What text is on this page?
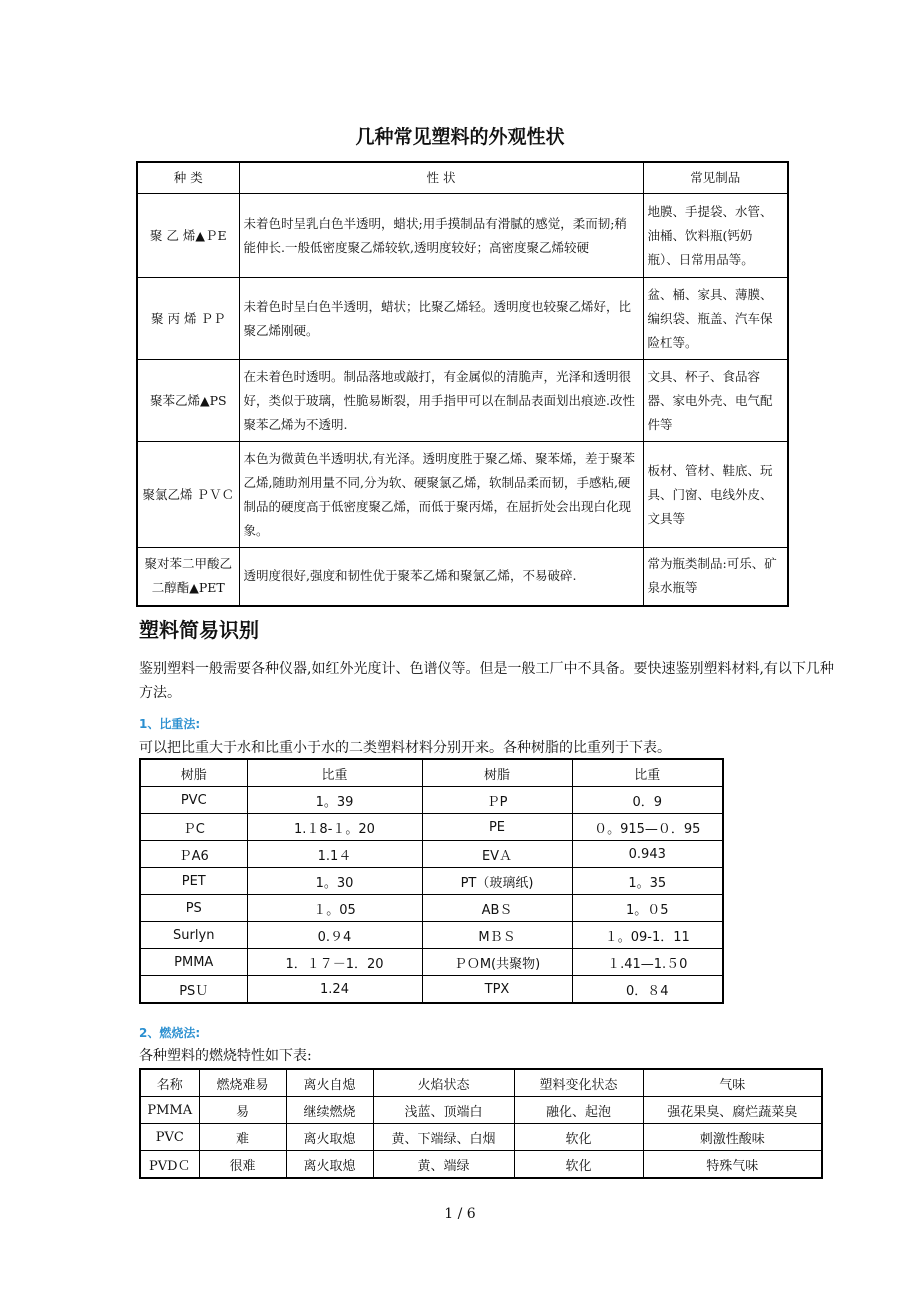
几种常见塑料的外观性状
种 类	性 状	常见制品
聚 乙 烯▲ＰE	未着色时呈乳白色半透明，蜡状;用手摸制品有滑腻的感觉，柔而韧;稍能伸长.一般低密度聚乙烯较软,透明度较好；高密度聚乙烯较硬	地膜、手提袋、水管、油桶、饮料瓶(钙奶瓶）、日常用品等。
聚 丙 烯 ＰＰ	未着色时呈白色半透明，蜡状；比聚乙烯轻。透明度也较聚乙烯好，比聚乙烯刚硬。	盆、桶、家具、薄膜、编织袋、瓶盖、汽车保险杠等。
聚苯乙烯▲PS	在未着色时透明。制品落地或敲打，有金属似的清脆声，光泽和透明很好，类似于玻璃，性脆易断裂，用手指甲可以在制品表面划出痕迹.改性聚苯乙烯为不透明.	文具、杯子、食品容器、家电外壳、电气配件等
聚氯乙烯 ＰＶＣ	本色为微黄色半透明状,有光泽。透明度胜于聚乙烯、聚苯烯，差于聚苯乙烯,随助剂用量不同,分为软、硬聚氯乙烯，软制品柔而韧，手感粘,硬制品的硬度高于低密度聚乙烯，而低于聚丙烯，在屈折处会出现白化现象。	板材、管材、鞋底、玩具、门窗、电线外皮、文具等
聚对苯二甲酸乙二醇酯▲PET	透明度很好,强度和韧性优于聚苯乙烯和聚氯乙烯，不易破碎.	常为瓶类制品:可乐、矿泉水瓶等
塑料简易识别
鉴别塑料一般需要各种仪器,如红外光度计、色谱仪等。但是一般工厂中不具备。要快速鉴别塑料材料,有以下几种方法。
1、比重法:
可以把比重大于水和比重小于水的二类塑料材料分别开来。各种树脂的比重列于下表。
树脂	比重	树脂	比重
PVC	1。39	ＰP	0．9
ＰC	1.１8-１。20	PE	０。915—０．95
ＰA6	1.1４	EVＡ	0.943
PET	1。30	PT（玻璃纸)	1。35
PS	１。05	ABＳ	1。０5
Surlyn	0.９4	MＢＳ	１。09-1．11
PMMA	1．１７－1．20	ＰＯM(共聚物)	１.41—1.５0
PSＵ	1.24	TPX	0．８4
2、燃烧法:
各种塑料的燃烧特性如下表:
名称	燃烧难易	离火自熄	火焰状态	塑料变化状态	气味
PMMA	易	继续燃烧	浅蓝、顶端白	融化、起泡	强花果臭、腐烂蔬菜臭
PVC	难	离火取熄	黄、下端绿、白烟	软化	刺激性酸味
PVDＣ	很难	离火取熄	黄、端绿	软化	特殊气味
1 / 6
